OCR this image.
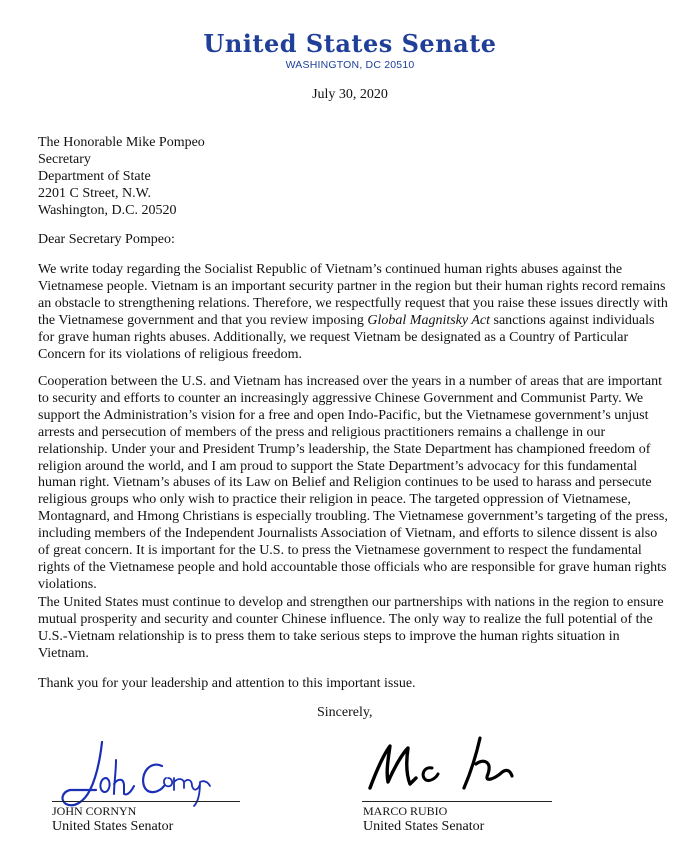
United States Senate
WASHINGTON, DC 20510
July 30, 2020
The Honorable Mike Pompeo
Secretary
Department of State
2201 C Street, N.W.
Washington, D.C. 20520
Dear Secretary Pompeo:

We write today regarding the Socialist Republic of Vietnam’s continued human rights abuses against the Vietnamese people. Vietnam is an important security partner in the region but their human rights record remains an obstacle to strengthening relations. Therefore, we respectfully request that you raise these issues directly with the Vietnamese government and that you review imposing Global Magnitsky Act sanctions against individuals for grave human rights abuses. Additionally, we request Vietnam be designated as a Country of Particular Concern for its violations of religious freedom.

Cooperation between the U.S. and Vietnam has increased over the years in a number of areas that are important to security and efforts to counter an increasingly aggressive Chinese Government and Communist Party. We support the Administration’s vision for a free and open Indo-Pacific, but the Vietnamese government’s unjust arrests and persecution of members of the press and religious practitioners remains a challenge in our relationship. Under your and President Trump’s leadership, the State Department has championed freedom of religion around the world, and I am proud to support the State Department’s advocacy for this fundamental human right. Vietnam’s abuses of its Law on Belief and Religion continues to be used to harass and persecute religious groups who only wish to practice their religion in peace. The targeted oppression of Vietnamese, Montagnard, and Hmong Christians is especially troubling. The Vietnamese government’s targeting of the press, including members of the Independent Journalists Association of Vietnam, and efforts to silence dissent is also of great concern. It is important for the U.S. to press the Vietnamese government to respect the fundamental rights of the Vietnamese people and hold accountable those officials who are responsible for grave human rights violations.

The United States must continue to develop and strengthen our partnerships with nations in the region to ensure mutual prosperity and security and counter Chinese influence. The only way to realize the full potential of the U.S.-Vietnam relationship is to press them to take serious steps to improve the human rights situation in Vietnam.

Thank you for your leadership and attention to this important issue.

Sincerely,
JOHN CORNYN
United States Senator
MARCO RUBIO
United States Senator
